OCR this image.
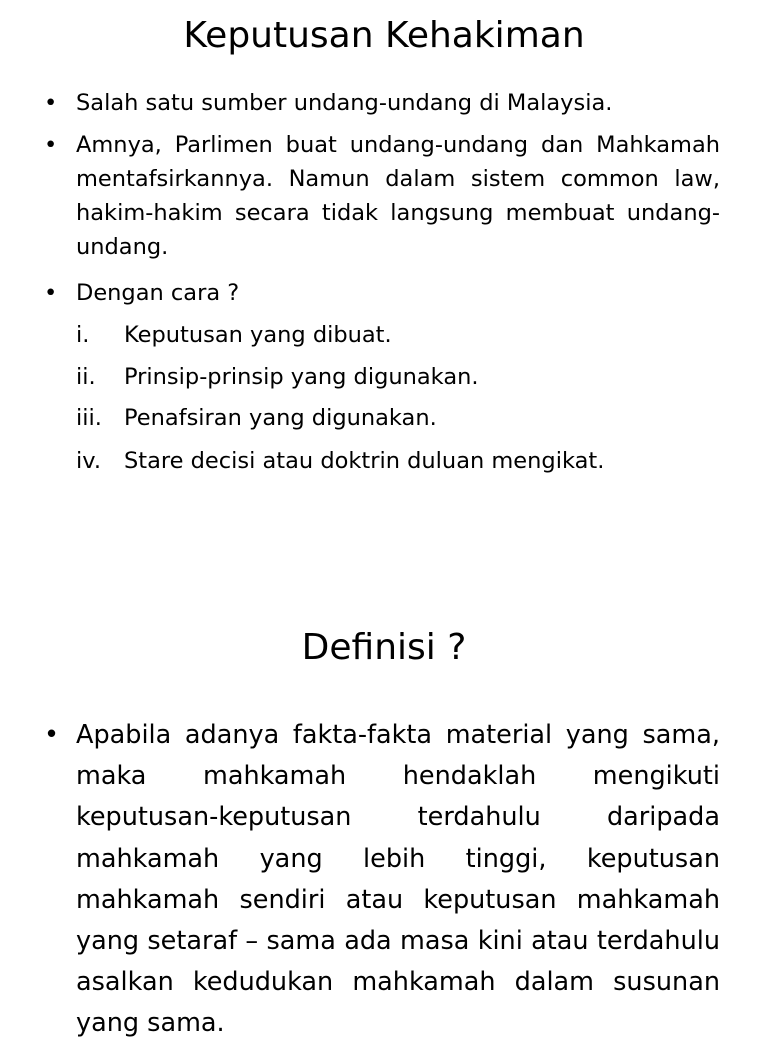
Keputusan Kehakiman
• Salah satu sumber undang-undang di Malaysia.
• Amnya, Parlimen buat undang-undang dan Mahkamah mentafsirkannya. Namun dalam sistem common law, hakim-hakim secara tidak langsung membuat undang-undang.
• Dengan cara ?
i.	Keputusan yang dibuat.
ii.	Prinsip-prinsip yang digunakan.
iii. Penafsiran yang digunakan.
iv.	Stare decisi atau doktrin duluan mengikat.
Definisi ?
• Apabila adanya fakta-fakta material yang sama, maka mahkamah hendaklah mengikuti keputusan-keputusan terdahulu daripada mahkamah yang lebih tinggi, keputusan mahkamah sendiri atau keputusan mahkamah yang setaraf – sama ada masa kini atau terdahulu asalkan kedudukan mahkamah dalam susunan yang sama.
